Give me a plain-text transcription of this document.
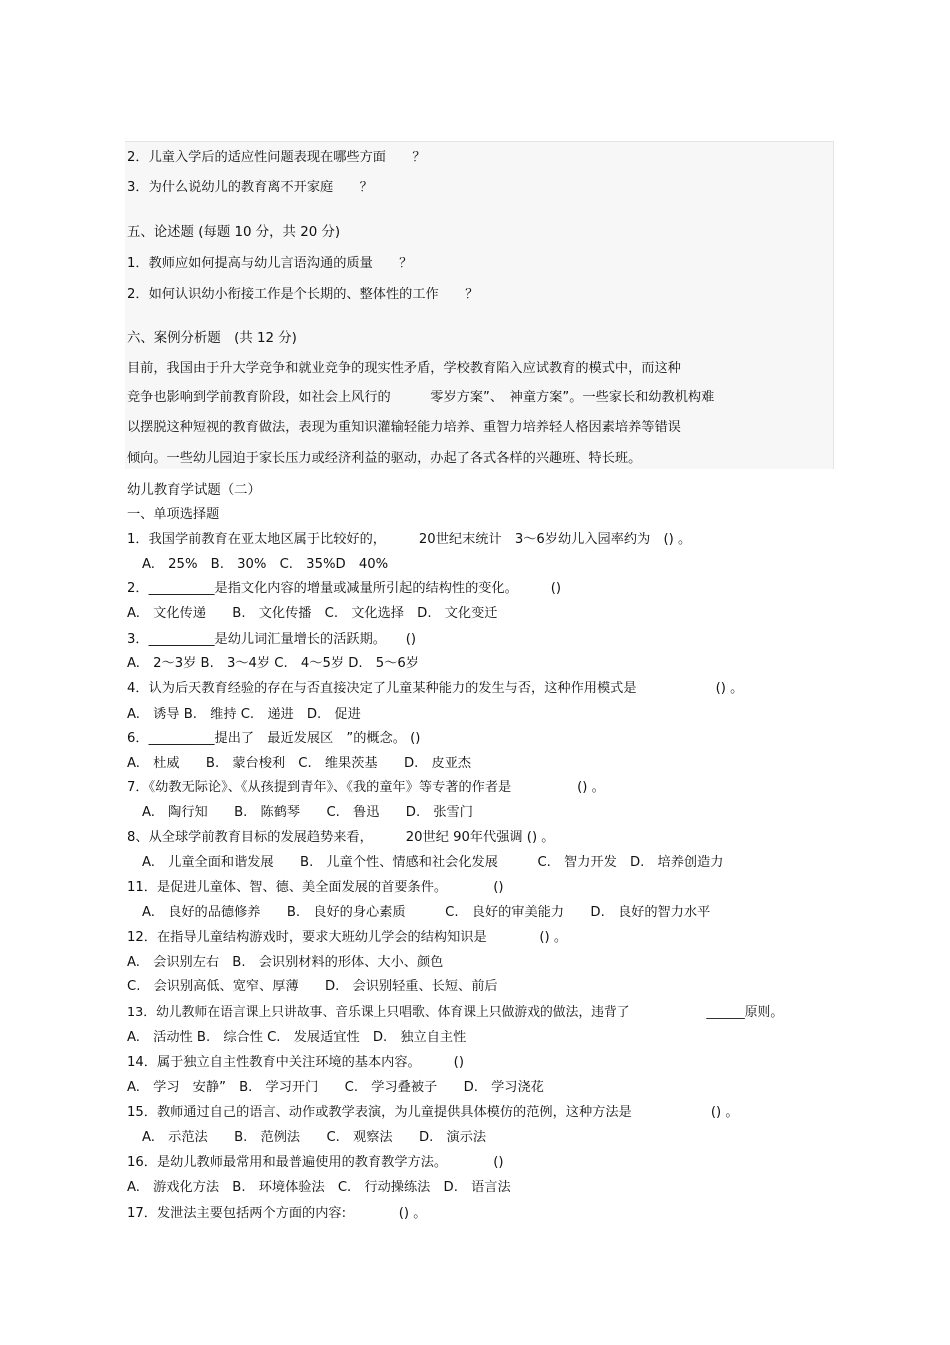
2．儿童入学后的适应性问题表现在哪些方面　　？
3．为什么说幼儿的教育离不开家庭　　？
五、论述题 (每题 10 分，共 20 分)
1．教师应如何提高与幼儿言语沟通的质量　　？
2．如何认识幼小衔接工作是个长期的、整体性的工作　　？
六、案例分析题　(共 12 分)
目前，我国由于升大学竞争和就业竞争的现实性矛盾，学校教育陷入应试教育的模式中，而这种
竞争也影响到学前教育阶段，如社会上风行的　　　零岁方案”、　神童方案”。一些家长和幼教机构难
以摆脱这种短视的教育做法，表现为重知识灌输轻能力培养、重智力培养轻人格因素培养等错误
倾向。一些幼儿园迫于家长压力或经济利益的驱动，办起了各式各样的兴趣班、特长班。
幼儿教育学试题（二）
一、单项选择题
1．我国学前教育在亚太地区属于比较好的，　　　20世纪末统计　3～6岁幼儿入园率约为　() 。
A.　25%　B.　30%　C.　35%D　40%
2．__________是指文化内容的增量或减量所引起的结构性的变化。　　　()
A.　文化传递　　B.　文化传播　C.　文化选择　D.　文化变迁
3．__________是幼儿词汇量增长的活跃期。　　()
A.　2～3岁 B.　3～4岁 C.　4～5岁 D.　5～6岁
4．认为后天教育经验的存在与否直接决定了儿童某种能力的发生与否，这种作用模式是　　　　　　() 。
A.　诱导 B.　维持 C.　递进　D.　促进
6．__________提出了　最近发展区　”的概念。 ()
A.　杜威　　B.　蒙台梭利　C.　维果茨基　　D.　皮亚杰
7．《幼教无际论》、《从孩提到青年》、《我的童年》等专著的作者是　　　　　() 。
A.　陶行知　　B.　陈鹤琴　　C.　鲁迅　　D.　张雪门
8、从全球学前教育目标的发展趋势来看，　　　20世纪 90年代强调 () 。
A.　儿童全面和谐发展　　B.　儿童个性、情感和社会化发展　　　C.　智力开发　D.　培养创造力
11．是促进儿童体、智、德、美全面发展的首要条件。　　　　()
A.　良好的品德修养　　B.　良好的身心素质　　　C.　良好的审美能力　　D.　良好的智力水平
12．在指导儿童结构游戏时，要求大班幼儿学会的结构知识是　　　　() 。
A.　会识别左右　B.　会识别材料的形体、大小、颜色
C.　会识别高低、宽窄、厚薄　　D.　会识别轻重、长短、前后
13．幼儿教师在语言课上只讲故事、音乐课上只唱歌、体育课上只做游戏的做法，违背了　　　　　　______原则。
A.　活动性 B.　综合性 C.　发展适宜性　D.　独立自主性
14．属于独立自主性教育中关注环境的基本内容。　　　()
A.　学习　安静”　B.　学习开门　　C.　学习叠被子　　D.　学习浇花
15．教师通过自己的语言、动作或教学表演，为儿童提供具体模仿的范例，这种方法是　　　　　　() 。
A.　示范法　　B.　范例法　　C.　观察法　　D.　演示法
16．是幼儿教师最常用和最普遍使用的教育教学方法。　　　　()
A.　游戏化方法　B.　环境体验法　C.　行动操练法　D.　语言法
17．发泄法主要包括两个方面的内容:　　　　() 。
